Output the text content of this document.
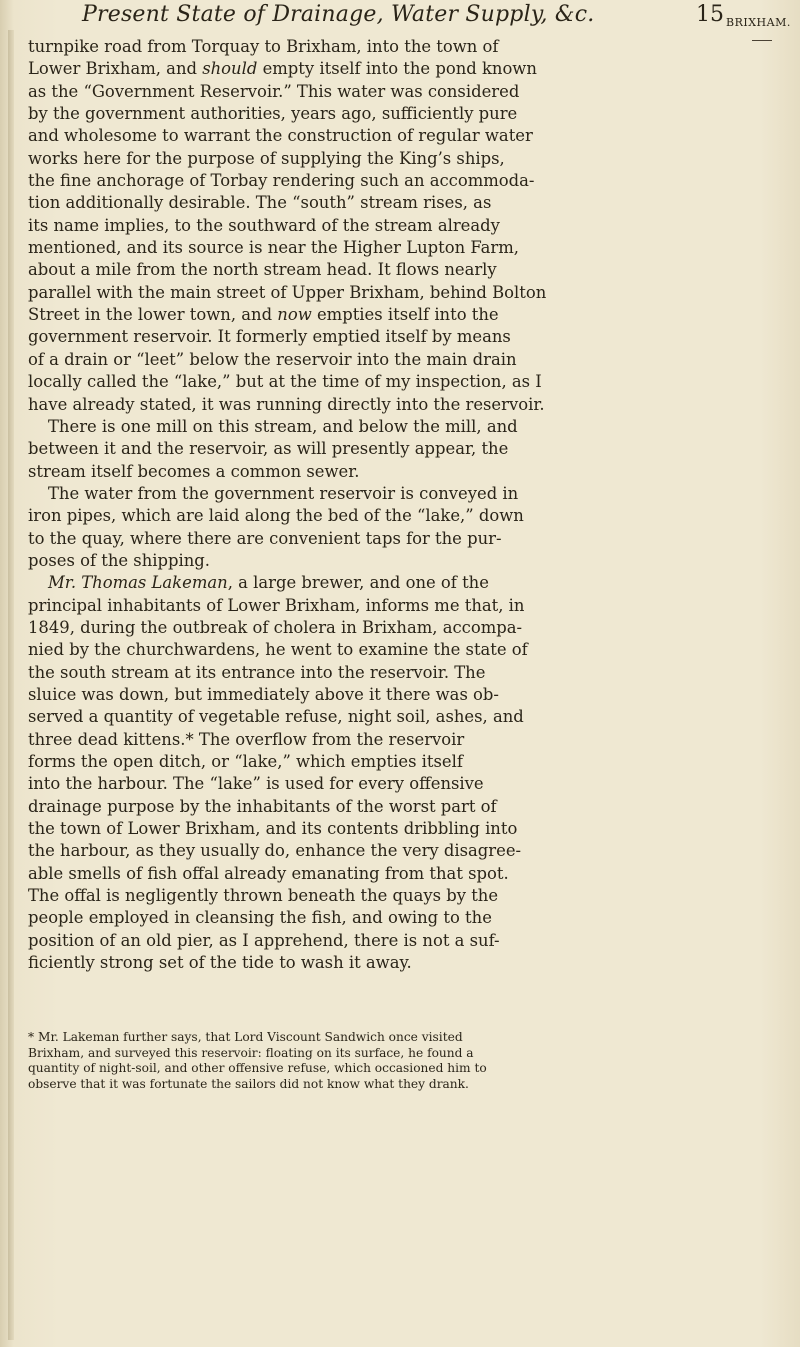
Present State of Drainage, Water Supply, &c.	15 BRIXHAM.
turnpike road from Torquay to Brixham, into the town of
Lower Brixham, and should empty itself into the pond known
as the “Government Reservoir.” This water was considered
by the government authorities, years ago, sufficiently pure
and wholesome to warrant the construction of regular water
works here for the purpose of supplying the King’s ships,
the fine anchorage of Torbay rendering such an accommoda-
tion additionally desirable. The “south” stream rises, as
its name implies, to the southward of the stream already
mentioned, and its source is near the Higher Lupton Farm,
about a mile from the north stream head. It flows nearly
parallel with the main street of Upper Brixham, behind Bolton
Street in the lower town, and now empties itself into the
government reservoir. It formerly emptied itself by means
of a drain or “leet” below the reservoir into the main drain
locally called the “lake,” but at the time of my inspection, as I
have already stated, it was running directly into the reservoir.
There is one mill on this stream, and below the mill, and
between it and the reservoir, as will presently appear, the
stream itself becomes a common sewer.
The water from the government reservoir is conveyed in
iron pipes, which are laid along the bed of the “lake,” down
to the quay, where there are convenient taps for the pur-
poses of the shipping.
Mr. Thomas Lakeman, a large brewer, and one of the
principal inhabitants of Lower Brixham, informs me that, in
1849, during the outbreak of cholera in Brixham, accompa-
nied by the churchwardens, he went to examine the state of
the south stream at its entrance into the reservoir. The
sluice was down, but immediately above it there was ob-
served a quantity of vegetable refuse, night soil, ashes, and
three dead kittens.* The overflow from the reservoir
forms the open ditch, or “lake,” which empties itself
into the harbour. The “lake” is used for every offensive
drainage purpose by the inhabitants of the worst part of
the town of Lower Brixham, and its contents dribbling into
the harbour, as they usually do, enhance the very disagree-
able smells of fish offal already emanating from that spot.
The offal is negligently thrown beneath the quays by the
people employed in cleansing the fish, and owing to the
position of an old pier, as I apprehend, there is not a suf-
ficiently strong set of the tide to wash it away.
* Mr. Lakeman further says, that Lord Viscount Sandwich once visited
Brixham, and surveyed this reservoir: floating on its surface, he found a
quantity of night-soil, and other offensive refuse, which occasioned him to
observe that it was fortunate the sailors did not know what they drank.
